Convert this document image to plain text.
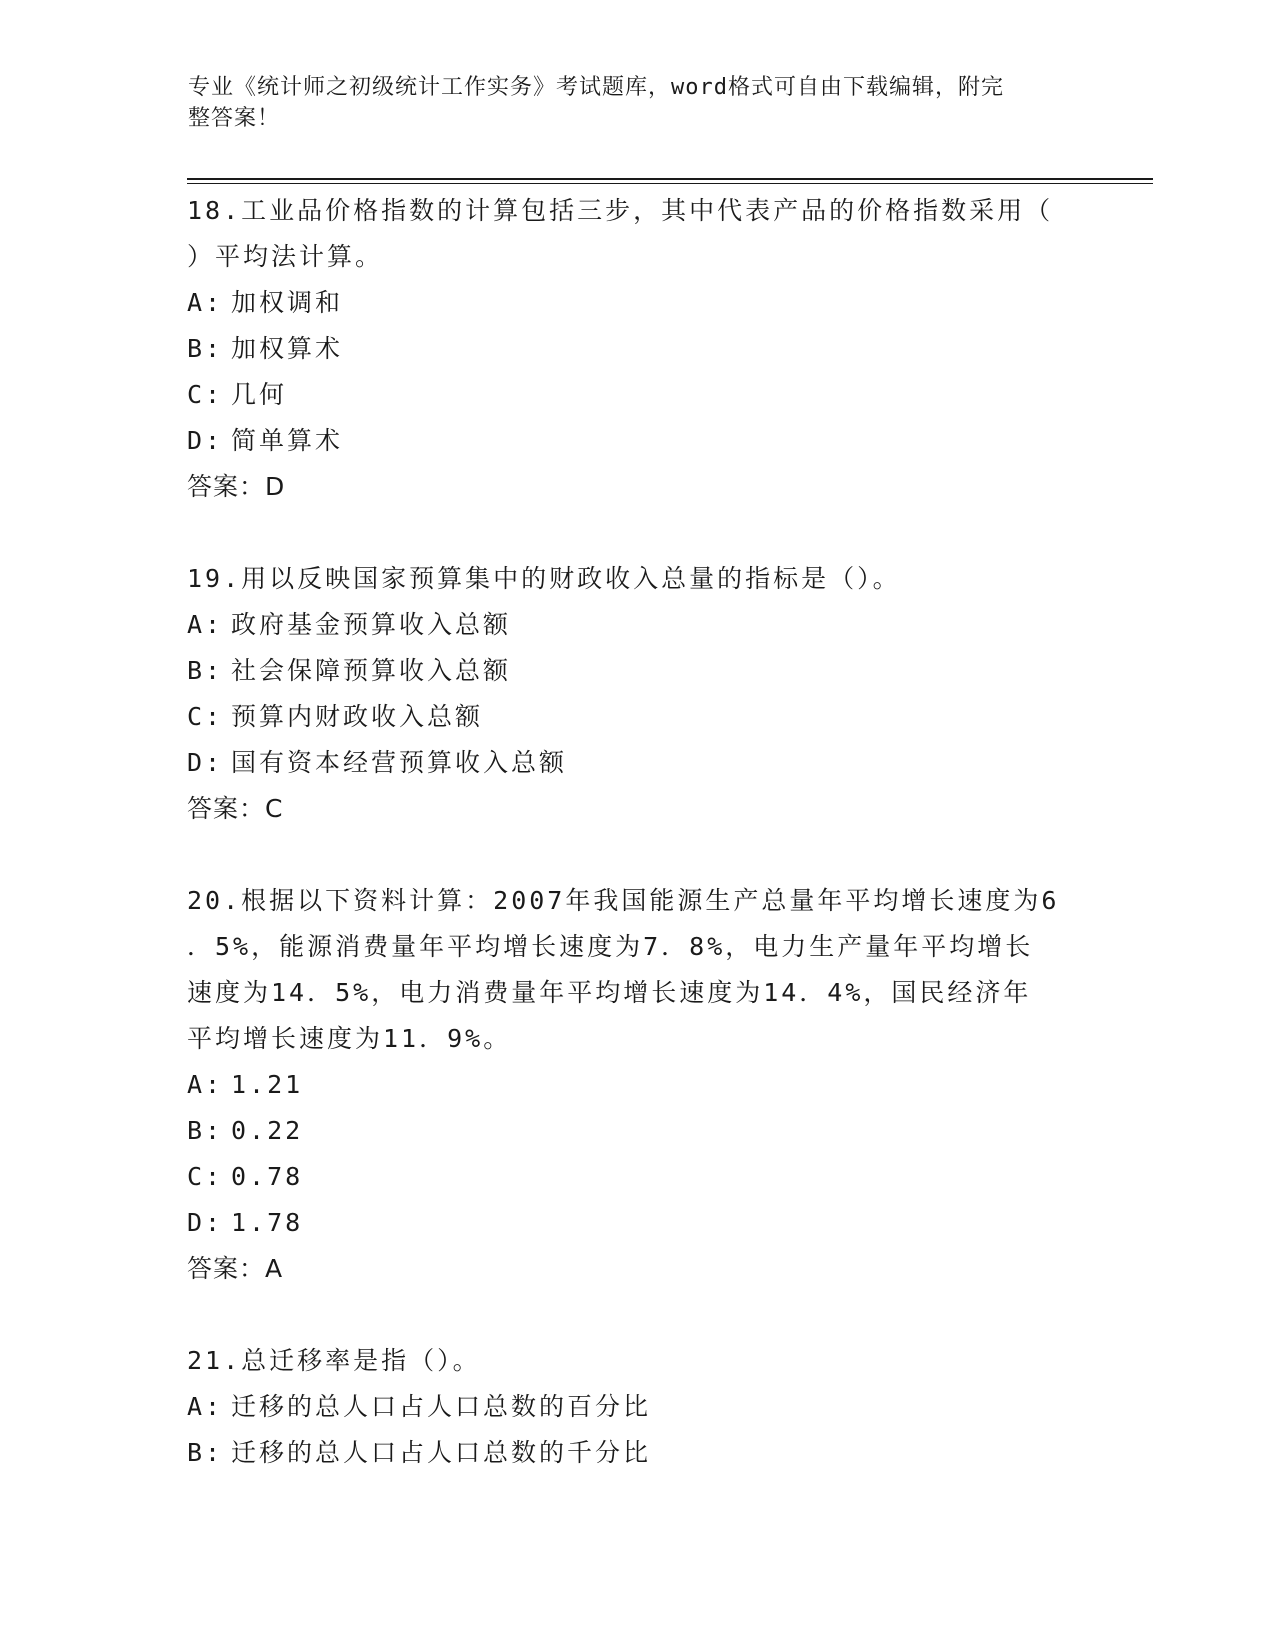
专业《统计师之初级统计工作实务》考试题库，word格式可自由下载编辑，附完
整答案！
18.工业品价格指数的计算包括三步，其中代表产品的价格指数采用（
）平均法计算。
A: 加权调和
B: 加权算术
C: 几何
D: 简单算术
答案：D
19.用以反映国家预算集中的财政收入总量的指标是（）。
A: 政府基金预算收入总额
B: 社会保障预算收入总额
C: 预算内财政收入总额
D: 国有资本经营预算收入总额
答案：C
20.根据以下资料计算：2007年我国能源生产总量年平均增长速度为6
．5%，能源消费量年平均增长速度为7．8%，电力生产量年平均增长
速度为14．5%，电力消费量年平均增长速度为14．4%，国民经济年
平均增长速度为11．9%。
A: 1.21
B: 0.22
C: 0.78
D: 1.78
答案：A
21.总迁移率是指（）。
A: 迁移的总人口占人口总数的百分比
B: 迁移的总人口占人口总数的千分比
